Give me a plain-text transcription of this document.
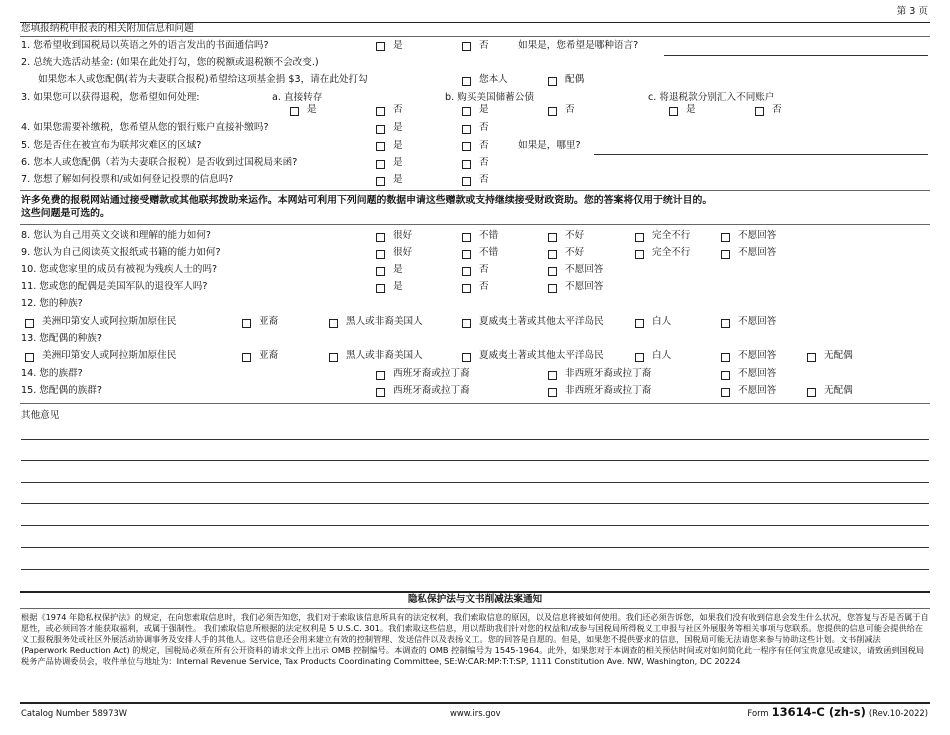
第 3 页
您填报纳税申报表的相关附加信息和问题
1. 您希望收到国税局以英语之外的语言发出的书面通信吗?	是	否	如果是，您希望是哪种语言?
2. 总统大选活动基金: (如果在此处打勾，您的税额或退税额不会改变.)
如果您本人或您配偶(若为夫妻联合报税)希望给这项基金捐 $3，请在此处打勾	您本人	配偶
3. 如果您可以获得退税，您希望如何处理:	a. 直接转存	b. 购买美国储蓄公债	c. 将退税款分别汇入不同账户
是	否	是	否	是	否
4. 如果您需要补缴税，您希望从您的银行账户直接补缴吗?	是	否
5. 您是否住在被宣布为联邦灾难区的区域?	是	否	如果是，哪里?
6. 您本人或您配偶（若为夫妻联合报税）是否收到过国税局来函?	是	否
7. 您想了解如何投票和/或如何登记投票的信息吗?	是	否
许多免费的报税网站通过接受赠款或其他联邦拨助来运作。本网站可利用下列问题的数据申请这些赠款或支持继续接受财政资助。您的答案将仅用于统计目的。
这些问题是可选的。
8. 您认为自己用英文交谈和理解的能力如何?	很好	不错	不好	完全不行	不愿回答
9. 您认为自己阅读英文报纸或书籍的能力如何?	很好	不错	不好	完全不行	不愿回答
10. 您或您家里的成员有被视为残疾人士的吗?	是	否	不愿回答
11. 您或您的配偶是美国军队的退役军人吗?	是	否	不愿回答
12. 您的种族?
美洲印第安人或阿拉斯加原住民	亚裔	黑人或非裔美国人	夏威夷土著或其他太平洋岛民	白人	不愿回答
13. 您配偶的种族?
美洲印第安人或阿拉斯加原住民	亚裔	黑人或非裔美国人	夏威夷土著或其他太平洋岛民	白人	不愿回答	无配偶
14. 您的族群?	西班牙裔或拉丁裔	非西班牙裔或拉丁裔	不愿回答
15. 您配偶的族群?	西班牙裔或拉丁裔	非西班牙裔或拉丁裔	不愿回答	无配偶
其他意见
隐私保护法与文书削减法案通知
根据《1974 年隐私权保护法》的规定，在向您索取信息时，我们必须告知您，我们对于索取该信息所具有的法定权利，我们索取信息的原因，以及信息将被如何使用。我们还必须告诉您，如果我们没有收到信息会发生什么状况，您答复与否是否属于自愿性，或必须回答才能获取福利，或属于强制性。 我们索取信息所根据的法定权利是 5 U.S.C. 301。我们索取这些信息，用以帮助我们针对您的权益和/或参与国税局所得税义工申报与社区外展服务等相关事项与您联系。您提供的信息可能会提供给在义工报税服务处或社区外展活动协调事务及安排人手的其他人。这些信息还会用来建立有效的控制管理、发送信件以及表扬义工。您的回答是自愿的。但是，如果您不提供要求的信息，国税局可能无法请您来参与协助这些计划。文书削减法 (Paperwork Reduction Act) 的规定，国税局必须在所有公开资料的请求文件上出示 OMB 控制编号。本调查的 OMB 控制编号为 1545-1964。此外，如果您对于本调查的相关预估时间或对如何简化此一程序有任何宝贵意见或建议，请致函到国税局税务产品协调委员会，收件单位与地址为：Internal Revenue Service, Tax Products Coordinating Committee, SE:W:CAR:MP:T:T:SP, 1111 Constitution Ave. NW, Washington, DC 20224
Catalog Number 58973W	www.irs.gov	Form 13614-C (zh-s) (Rev.10-2022)
